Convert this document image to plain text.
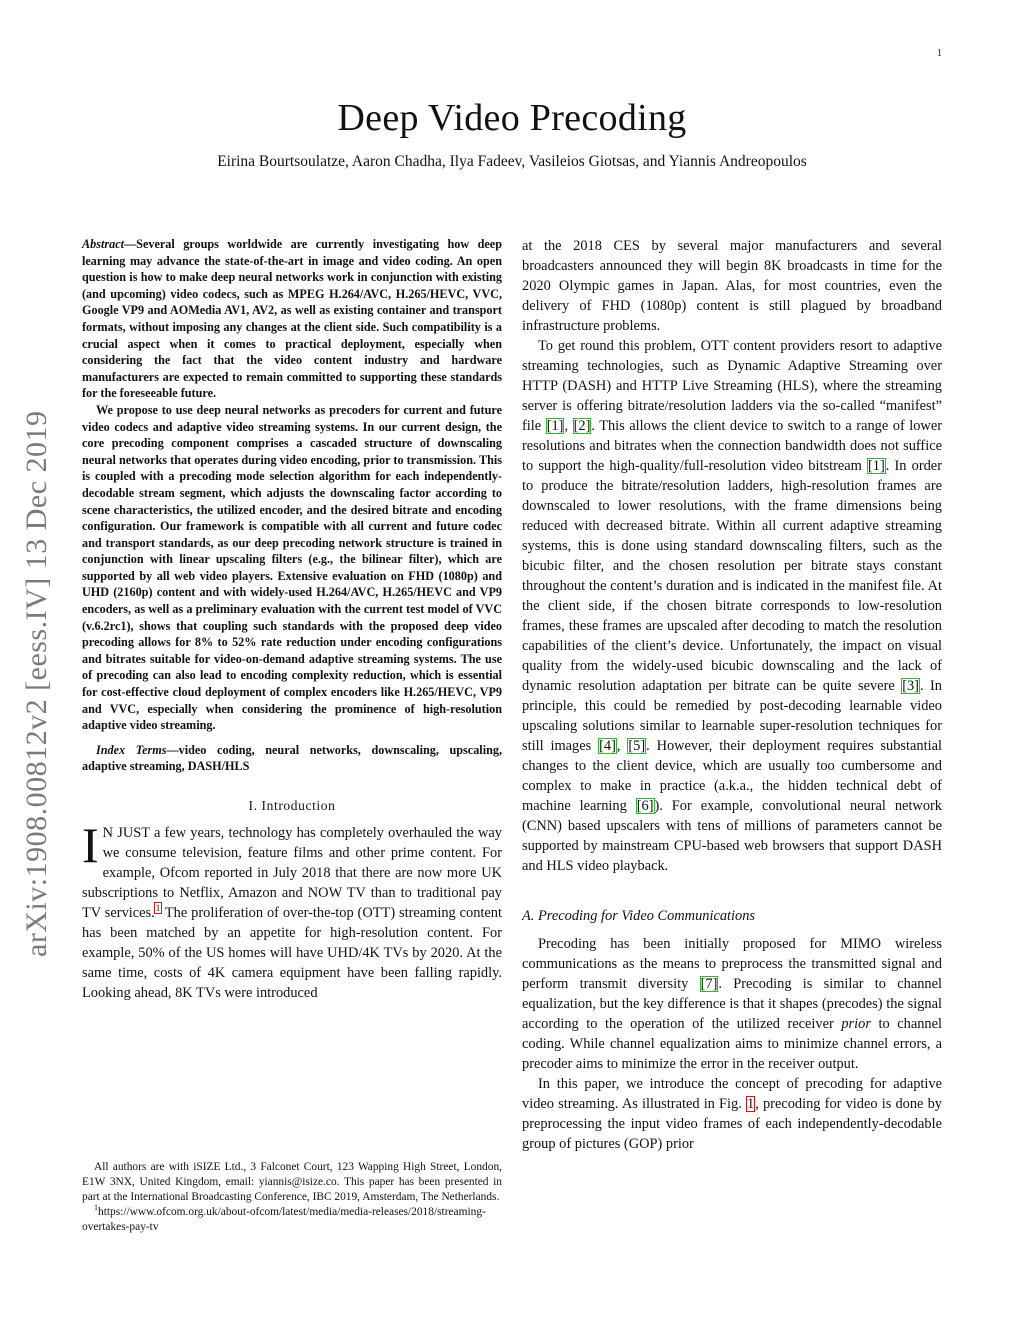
1
arXiv:1908.00812v2 [eess.IV] 13 Dec 2019
Deep Video Precoding

Eirina Bourtsoulatze, Aaron Chadha, Ilya Fadeev, Vasileios Giotsas, and Yiannis Andreopoulos

Abstract—Several groups worldwide are currently investigating how deep learning may advance the state-of-the-art in image and video coding. An open question is how to make deep neural networks work in conjunction with existing (and upcoming) video codecs, such as MPEG H.264/AVC, H.265/HEVC, VVC, Google VP9 and AOMedia AV1, AV2, as well as existing container and transport formats, without imposing any changes at the client side. Such compatibility is a crucial aspect when it comes to practical deployment, especially when considering the fact that the video content industry and hardware manufacturers are expected to remain committed to supporting these standards for the foreseeable future.

We propose to use deep neural networks as precoders for current and future video codecs and adaptive video streaming systems. In our current design, the core precoding component comprises a cascaded structure of downscaling neural networks that operates during video encoding, prior to transmission. This is coupled with a precoding mode selection algorithm for each independently-decodable stream segment, which adjusts the downscaling factor according to scene characteristics, the utilized encoder, and the desired bitrate and encoding configuration. Our framework is compatible with all current and future codec and transport standards, as our deep precoding network structure is trained in conjunction with linear upscaling filters (e.g., the bilinear filter), which are supported by all web video players. Extensive evaluation on FHD (1080p) and UHD (2160p) content and with widely-used H.264/AVC, H.265/HEVC and VP9 encoders, as well as a preliminary evaluation with the current test model of VVC (v.6.2rc1), shows that coupling such standards with the proposed deep video precoding allows for 8% to 52% rate reduction under encoding configurations and bitrates suitable for video-on-demand adaptive streaming systems. The use of precoding can also lead to encoding complexity reduction, which is essential for cost-effective cloud deployment of complex encoders like H.265/HEVC, VP9 and VVC, especially when considering the prominence of high-resolution adaptive video streaming.

Index Terms—video coding, neural networks, downscaling, upscaling, adaptive streaming, DASH/HLS

I. Introduction

I N JUST a few years, technology has completely overhauled the way we consume television, feature films and other prime content. For example, Ofcom reported in July 2018 that there are now more UK subscriptions to Netflix, Amazon and NOW TV than to traditional pay TV services.$^1$ The proliferation of over-the-top (OTT) streaming content has been matched by an appetite for high-resolution content. For example, 50% of the US homes will have UHD/4K TVs by 2020. At the same time, costs of 4K camera equipment have been falling rapidly. Looking ahead, 8K TVs were introduced

All authors are with iSIZE Ltd., 3 Falconet Court, 123 Wapping High Street, London, E1W 3NX, United Kingdom, email: yiannis@isize.co. This paper has been presented in part at the International Broadcasting Conference, IBC 2019, Amsterdam, The Netherlands.

$^1$https://www.ofcom.org.uk/about-ofcom/latest/media/media-releases/2018/streaming-overtakes-pay-tv

at the 2018 CES by several major manufacturers and several broadcasters announced they will begin 8K broadcasts in time for the 2020 Olympic games in Japan. Alas, for most countries, even the delivery of FHD (1080p) content is still plagued by broadband infrastructure problems.

To get round this problem, OTT content providers resort to adaptive streaming technologies, such as Dynamic Adaptive Streaming over HTTP (DASH) and HTTP Live Streaming (HLS), where the streaming server is offering bitrate/resolution ladders via the so-called “manifest” file [1], [2]. This allows the client device to switch to a range of lower resolutions and bitrates when the connection bandwidth does not suffice to support the high-quality/full-resolution video bitstream [1]. In order to produce the bitrate/resolution ladders, high-resolution frames are downscaled to lower resolutions, with the frame dimensions being reduced with decreased bitrate. Within all current adaptive streaming systems, this is done using standard downscaling filters, such as the bicubic filter, and the chosen resolution per bitrate stays constant throughout the content’s duration and is indicated in the manifest file. At the client side, if the chosen bitrate corresponds to low-resolution frames, these frames are upscaled after decoding to match the resolution capabilities of the client’s device. Unfortunately, the impact on visual quality from the widely-used bicubic downscaling and the lack of dynamic resolution adaptation per bitrate can be quite severe [3]. In principle, this could be remedied by post-decoding learnable video upscaling solutions similar to learnable super-resolution techniques for still images [4], [5]. However, their deployment requires substantial changes to the client device, which are usually too cumbersome and complex to make in practice (a.k.a., the hidden technical debt of machine learning [6]). For example, convolutional neural network (CNN) based upscalers with tens of millions of parameters cannot be supported by mainstream CPU-based web browsers that support DASH and HLS video playback.

A. Precoding for Video Communications

Precoding has been initially proposed for MIMO wireless communications as the means to preprocess the transmitted signal and perform transmit diversity [7]. Precoding is similar to channel equalization, but the key difference is that it shapes (precodes) the signal according to the operation of the utilized receiver prior to channel coding. While channel equalization aims to minimize channel errors, a precoder aims to minimize the error in the receiver output.

In this paper, we introduce the concept of precoding for adaptive video streaming. As illustrated in Fig. 1, precoding for video is done by preprocessing the input video frames of each independently-decodable group of pictures (GOP) prior
